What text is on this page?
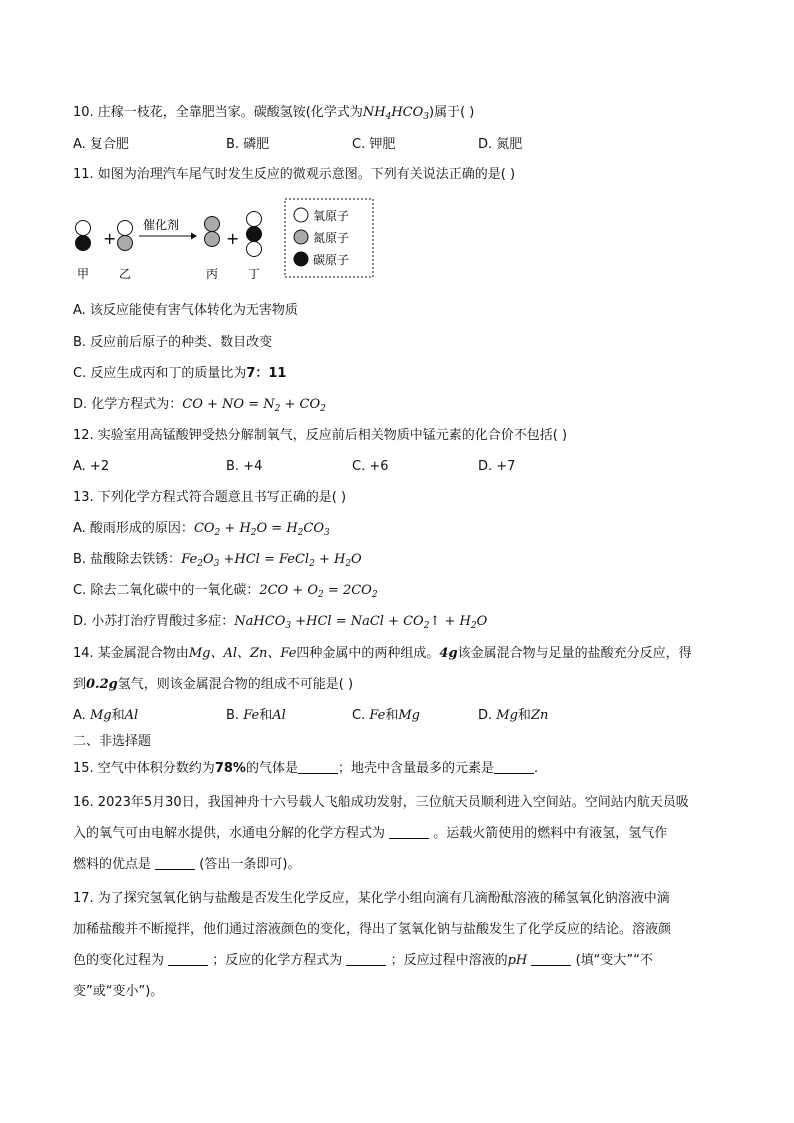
10. 庄稼一枝花，全靠肥当家。碳酸氢铵(化学式为$NH_4HCO_3$)属于( )
A. 复合肥	B. 磷肥	C. 钾肥	D. 氮肥
11. 如图为治理汽车尾气时发生反应的微观示意图。下列有关说法正确的是( )
+
催化剂
+
甲 乙	丙 丁
氧原子
氮原子
碳原子
A. 该反应能使有害气体转化为无害物质
B. 反应前后原子的种类、数目改变
C. 反应生成丙和丁的质量比为7：11
D. 化学方程式为：CO + NO = $N_2 + CO_2$
12. 实验室用高锰酸钾受热分解制氧气，反应前后相关物质中锰元素的化合价不包括( )
A. +2	B. +4	C. +6	D. +7
13. 下列化学方程式符合题意且书写正确的是( )
A. 酸雨形成的原因：$CO_2 + H_2O = H_2CO_3$
B. 盐酸除去铁锈：$Fe_2O_3 +HCl$ = FeCl$_2$ + $H_2O$
C. 除去二氧化碳中的一氧化碳：$2CO + O_2 = 2CO_2$
D. 小苏打治疗胃酸过多症：NaHCO$_3$ +HCl = NaCl + $CO_2↑ + H_2O$
14. 某金属混合物由Mg、Al、Zn、Fe四种金属中的两种组成。4g该金属混合物与足量的盐酸充分反应，得
到0.2g氢气，则该金属混合物的组成不可能是( )
A. Mg和Al	B. Fe和Al	C. Fe和Mg	D. Mg和Zn
二、非选择题
15. 空气中体积分数约为78%的气体是	；地壳中含量最多的元素是	.
16. 2023年5月30日，我国神舟十六号载人飞船成功发射，三位航天员顺利进入空间站。空间站内航天员吸
入的氧气可由电解水提供，水通电分解的化学方程式为	。运载火箭使用的燃料中有液氢，氢气作
燃料的优点是	(答出一条即可)。
17. 为了探究氢氧化钠与盐酸是否发生化学反应，某化学小组向滴有几滴酚酞溶液的稀氢氧化钠溶液中滴
加稀盐酸并不断搅拌，他们通过溶液颜色的变化，得出了氢氧化钠与盐酸发生了化学反应的结论。溶液颜
色的变化过程为	；反应的化学方程式为	；反应过程中溶液的pH	(填“变大”“不
变”或“变小”)。
